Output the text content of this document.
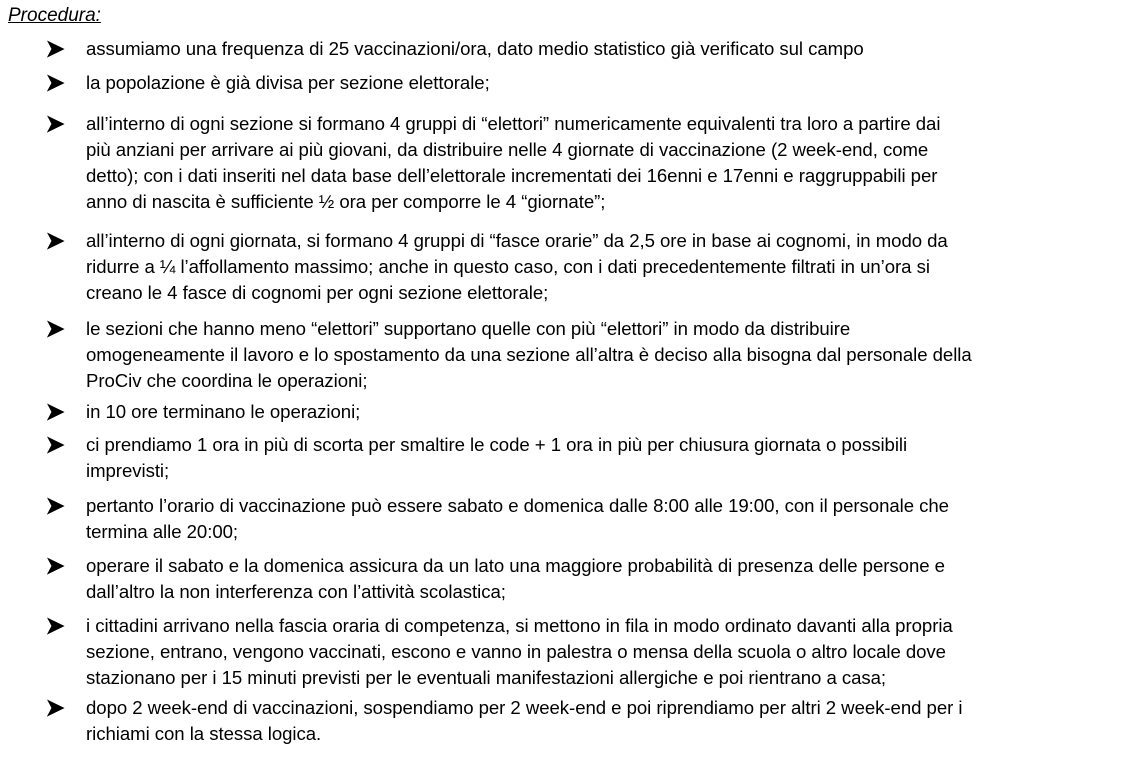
Procedura:
assumiamo una frequenza di 25 vaccinazioni/ora, dato medio statistico già verificato sul campo
la popolazione è già divisa per sezione elettorale;
all’interno di ogni sezione si formano 4 gruppi di “elettori” numericamente equivalenti tra loro a partire dai
più anziani per arrivare ai più giovani, da distribuire nelle 4 giornate di vaccinazione (2 week-end, come
detto); con i dati inseriti nel data base dell’elettorale incrementati dei 16enni e 17enni e raggruppabili per
anno di nascita è sufficiente ½ ora per comporre le 4 “giornate”;
all’interno di ogni giornata, si formano 4 gruppi di “fasce orarie” da 2,5 ore in base ai cognomi, in modo da
ridurre a ¼ l’affollamento massimo; anche in questo caso, con i dati precedentemente filtrati in un’ora si
creano le 4 fasce di cognomi per ogni sezione elettorale;
le sezioni che hanno meno “elettori” supportano quelle con più “elettori” in modo da distribuire
omogeneamente il lavoro e lo spostamento da una sezione all’altra è deciso alla bisogna dal personale della
ProCiv che coordina le operazioni;
in 10 ore terminano le operazioni;
ci prendiamo 1 ora in più di scorta per smaltire le code + 1 ora in più per chiusura giornata o possibili
imprevisti;
pertanto l’orario di vaccinazione può essere sabato e domenica dalle 8:00 alle 19:00, con il personale che
termina alle 20:00;
operare il sabato e la domenica assicura da un lato una maggiore probabilità di presenza delle persone e
dall’altro la non interferenza con l’attività scolastica;
i cittadini arrivano nella fascia oraria di competenza, si mettono in fila in modo ordinato davanti alla propria
sezione, entrano, vengono vaccinati, escono e vanno in palestra o mensa della scuola o altro locale dove
stazionano per i 15 minuti previsti per le eventuali manifestazioni allergiche e poi rientrano a casa;
dopo 2 week-end di vaccinazioni, sospendiamo per 2 week-end e poi riprendiamo per altri 2 week-end per i
richiami con la stessa logica.
